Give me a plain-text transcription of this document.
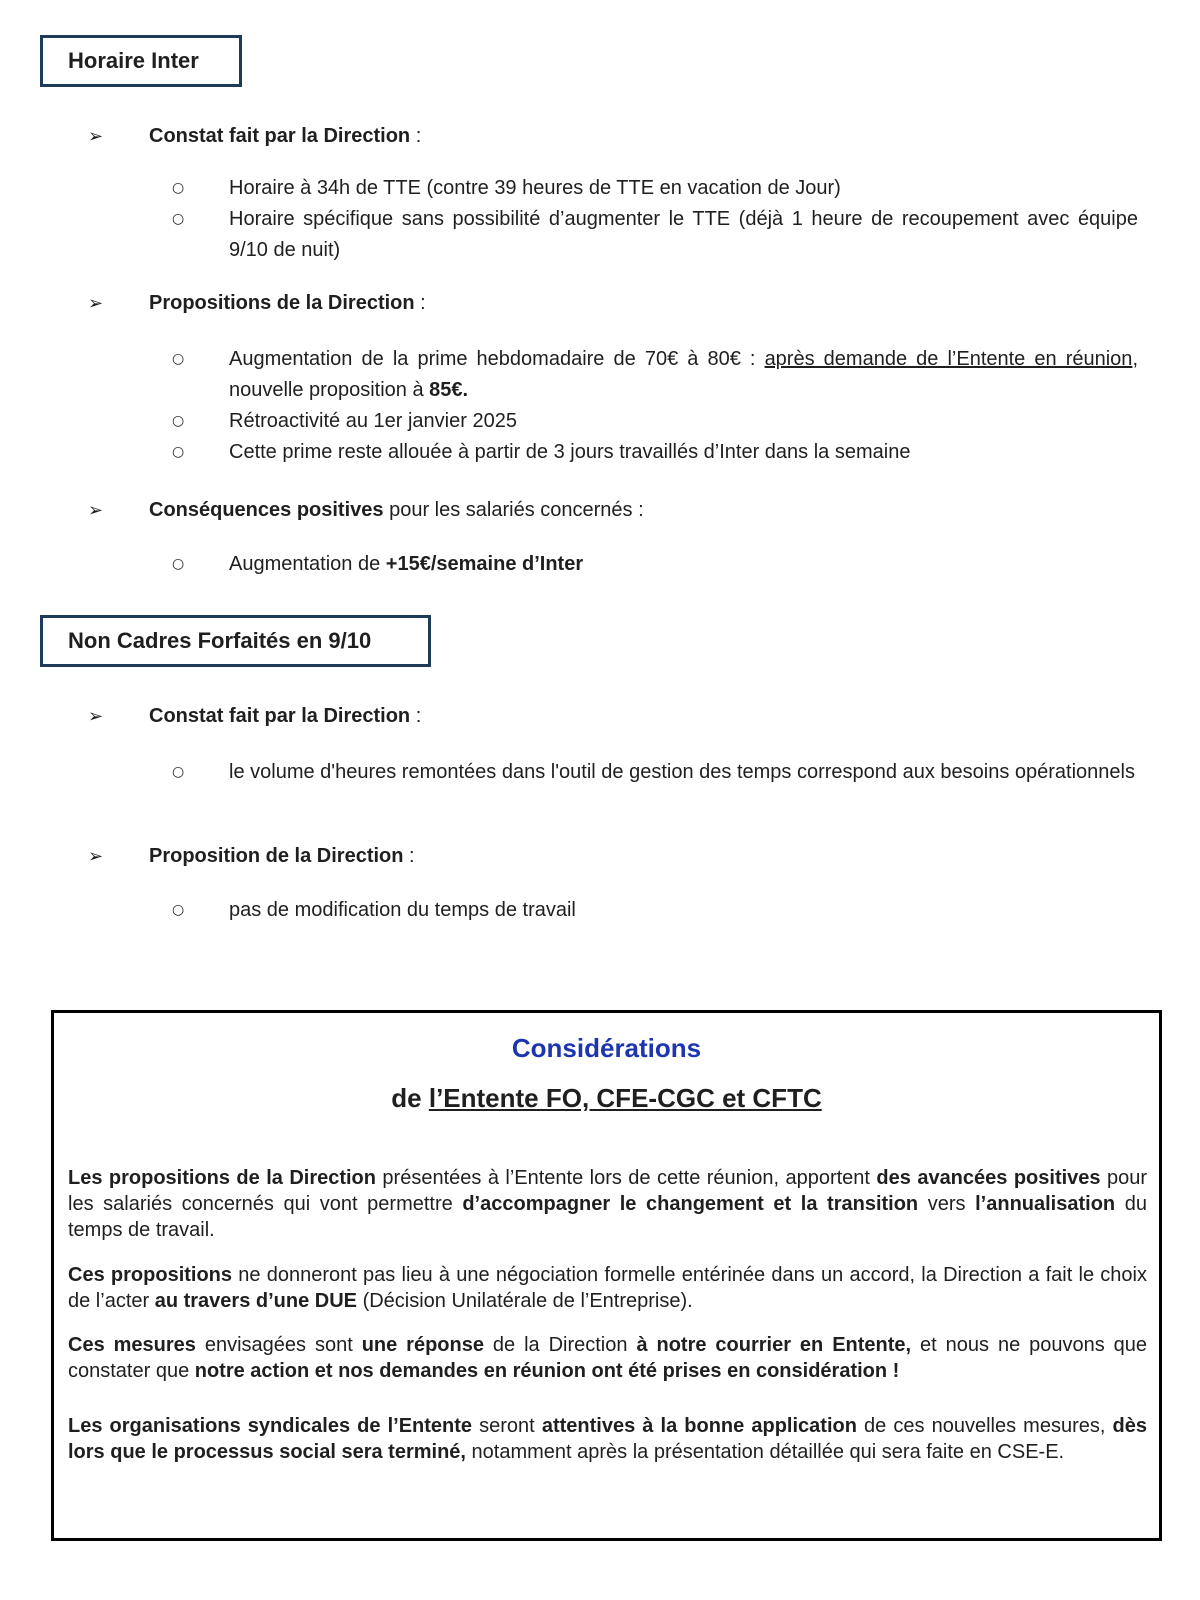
Horaire Inter
➢	Constat fait par la Direction :
○	Horaire à 34h de TTE (contre 39 heures de TTE en vacation de Jour)
○	Horaire spécifique sans possibilité d’augmenter le TTE (déjà 1 heure de recoupement avec équipe 9/10 de nuit)
➢	Propositions de la Direction :
○	Augmentation de la prime hebdomadaire de 70€ à 80€ : après demande de l’Entente en réunion, nouvelle proposition à 85€.
○	Rétroactivité au 1er janvier 2025
○	Cette prime reste allouée à partir de 3 jours travaillés d’Inter dans la semaine
➢	Conséquences positives pour les salariés concernés :
○	Augmentation de +15€/semaine d’Inter
Non Cadres Forfaités en 9/10
➢	Constat fait par la Direction :
○	le volume d'heures remontées dans l'outil de gestion des temps correspond aux besoins opérationnels
➢	Proposition de la Direction :
○	pas de modification du temps de travail
Considérations
de l’Entente FO, CFE-CGC et CFTC

Les propositions de la Direction présentées à l’Entente lors de cette réunion, apportent des avancées positives pour les salariés concernés qui vont permettre d’accompagner le changement et la transition vers l’annualisation du temps de travail.

Ces propositions ne donneront pas lieu à une négociation formelle entérinée dans un accord, la Direction a fait le choix de l’acter au travers d’une DUE (Décision Unilatérale de l’Entreprise).

Ces mesures envisagées sont une réponse de la Direction à notre courrier en Entente, et nous ne pouvons que constater que notre action et nos demandes en réunion ont été prises en considération !

Les organisations syndicales de l’Entente seront attentives à la bonne application de ces nouvelles mesures, dès lors que le processus social sera terminé, notamment après la présentation détaillée qui sera faite en CSE-E.
